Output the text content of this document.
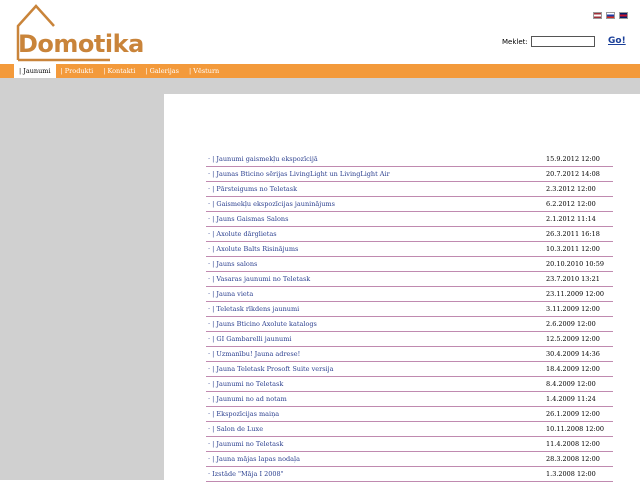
Domotika	Meklet:	Go!
| Jaunumi	| Produkti	| Kontakti	| Galerijas	| Vēsturn
· | Jaunumi gaismekļu ekspozīcijā	15.9.2012 12:00
· | Jaunas Bticino sērijas LivingLight un LivingLight Air	20.7.2012 14:08
· | Pārsteigums no Teletask	2.3.2012 12:00
· | Gaismekļu ekspozīcijas jauninājums	6.2.2012 12:00
· | Jauns Gaismas Salons	2.1.2012 11:14
· | Axolute dārglietas	26.3.2011 16:18
· | Axolute Balts Risinājums	10.3.2011 12:00
· | Jauns salons	20.10.2010 10:59
· | Vasaras jaunumi no Teletask	23.7.2010 13:21
· | Jauna vieta	23.11.2009 12:00
· | Teletask rīkdens jaunumi	3.11.2009 12:00
· | Jauns Bticino Axolute katalogs	2.6.2009 12:00
· | GI Gambarelli jaunumi	12.5.2009 12:00
· | Uzmanību! Jauna adrese!	30.4.2009 14:36
· | Jauna Teletask Prosoft Suite versija	18.4.2009 12:00
· | Jaunumi no Teletask	8.4.2009 12:00
· | Jaunumi no ad notam	1.4.2009 11:24
· | Ekspozīcijas maiņa	26.1.2009 12:00
· | Salon de Luxe	10.11.2008 12:00
· | Jaunumi no Teletask	11.4.2008 12:00
· | Jauna mājas lapas nodaļa	28.3.2008 12:00
· Izstāde "Māja I 2008"	1.3.2008 12:00
